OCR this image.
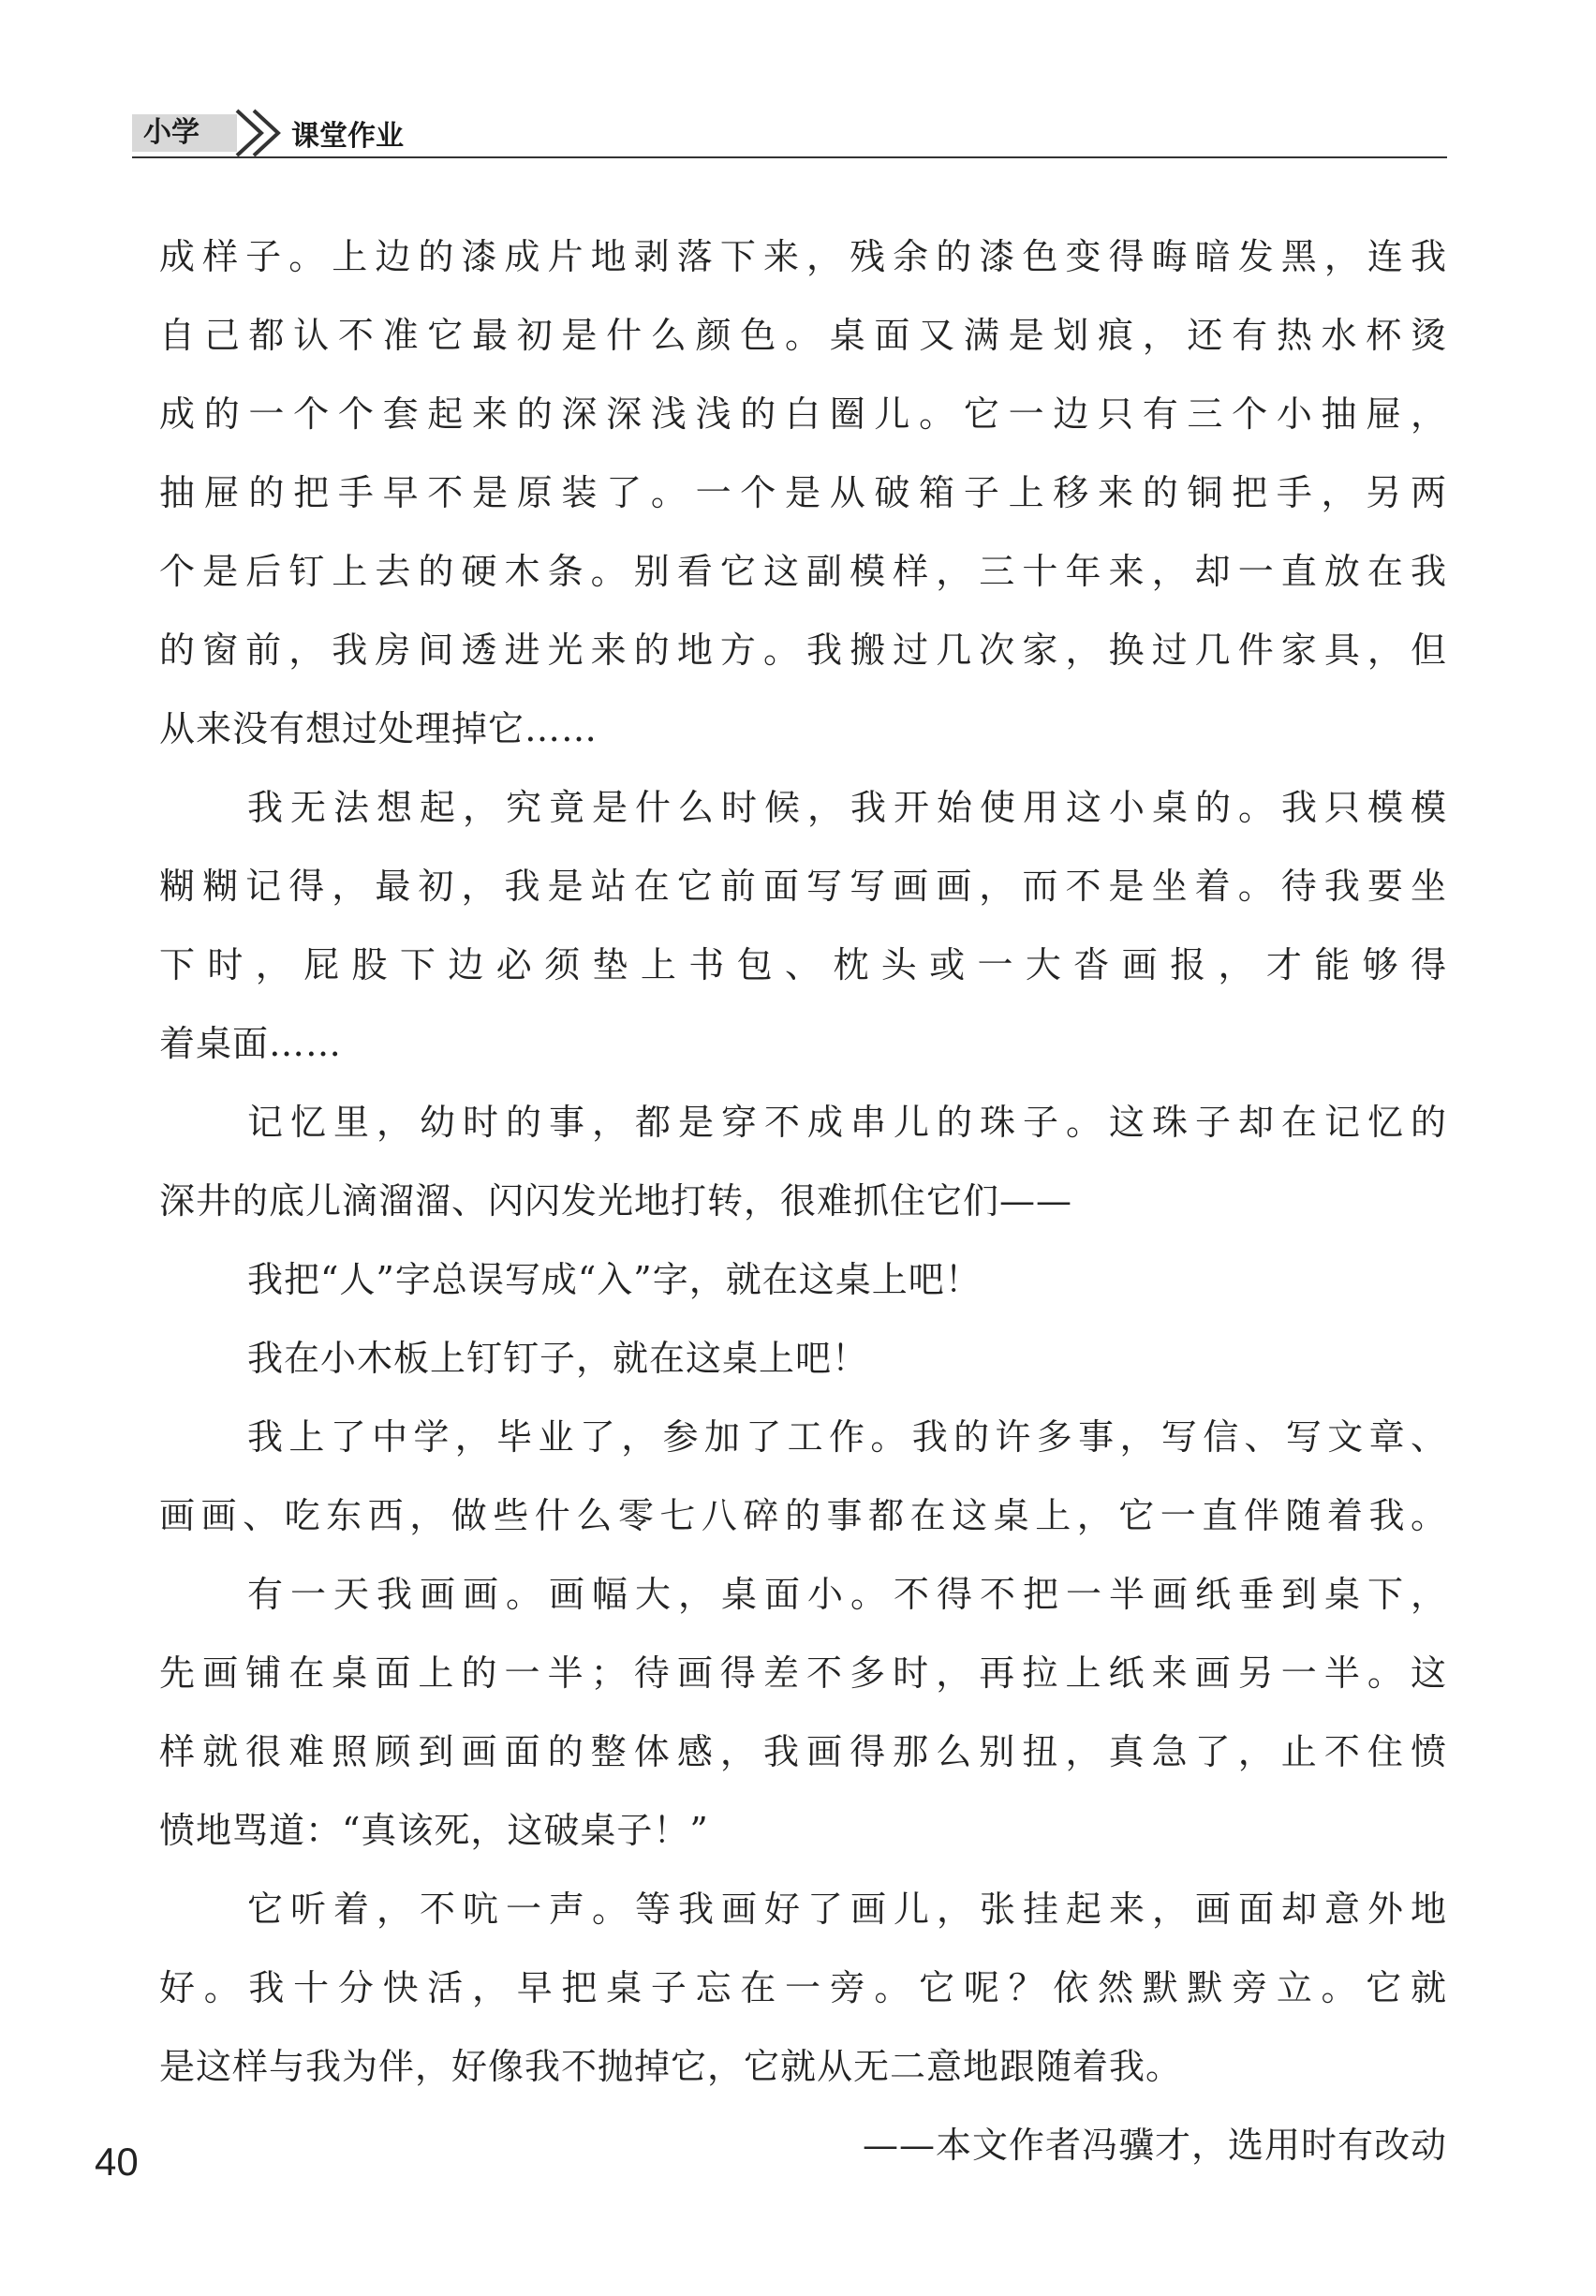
小学	课堂作业
成样子。上边的漆成片地剥落下来，残余的漆色变得晦暗发黑，连我
自己都认不准它最初是什么颜色。桌面又满是划痕，还有热水杯烫
成的一个个套起来的深深浅浅的白圈儿。它一边只有三个小抽屉，
抽屉的把手早不是原装了。一个是从破箱子上移来的铜把手，另两
个是后钉上去的硬木条。别看它这副模样，三十年来，却一直放在我
的窗前，我房间透进光来的地方。我搬过几次家，换过几件家具，但
从来没有想过处理掉它……
我无法想起，究竟是什么时候，我开始使用这小桌的。我只模模
糊糊记得，最初，我是站在它前面写写画画，而不是坐着。待我要坐
下时，屁股下边必须垫上书包、枕头或一大沓画报，才能够得
着桌面……
记忆里，幼时的事，都是穿不成串儿的珠子。这珠子却在记忆的
深井的底儿滴溜溜、闪闪发光地打转，很难抓住它们——
我把“人”字总误写成“入”字，就在这桌上吧！
我在小木板上钉钉子，就在这桌上吧！
我上了中学，毕业了，参加了工作。我的许多事，写信、写文章、
画画、吃东西，做些什么零七八碎的事都在这桌上，它一直伴随着我。
有一天我画画。画幅大，桌面小。不得不把一半画纸垂到桌下，
先画铺在桌面上的一半；待画得差不多时，再拉上纸来画另一半。这
样就很难照顾到画面的整体感，我画得那么别扭，真急了，止不住愤
愤地骂道：“真该死，这破桌子！”
它听着，不吭一声。等我画好了画儿，张挂起来，画面却意外地
好。我十分快活，早把桌子忘在一旁。它呢？依然默默旁立。它就
是这样与我为伴，好像我不抛掉它，它就从无二意地跟随着我。
——本文作者冯骥才，选用时有改动
40
